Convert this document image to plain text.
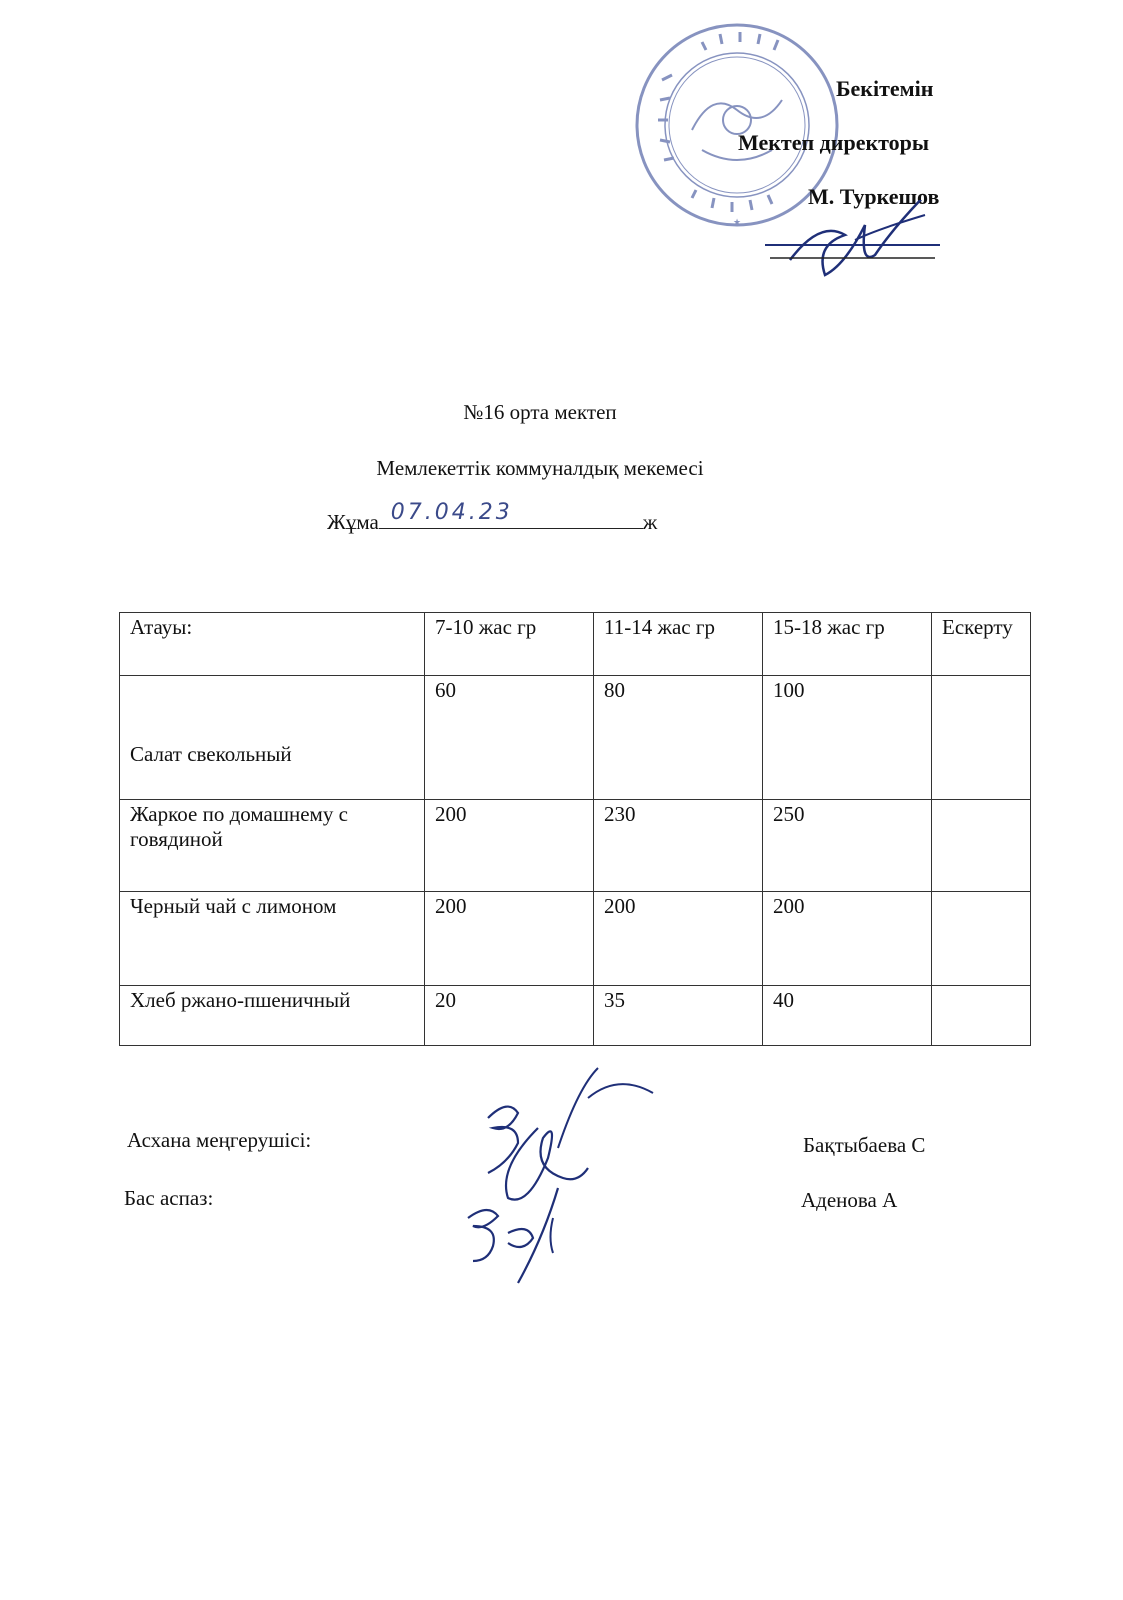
★
Бекітемін
Мектеп директоры
М. Туркешов
№16 орта мектеп
Мемлекеттік коммуналдық мекемесі
Жұма 07.04.23	ж
Атауы:	7-10 жас гр	11-14 жас гр	15-18 жас гр	Ескерту
Салат свекольный	60	80	100	
Жаркое по домашнему с говядиной	200	230	250	
Черный чай с лимоном	200	200	200	
Хлеб ржано-пшеничный	20	35	40	
Асхана меңгерушісі:	Бақтыбаева С
Бас аспаз:	Аденова А
